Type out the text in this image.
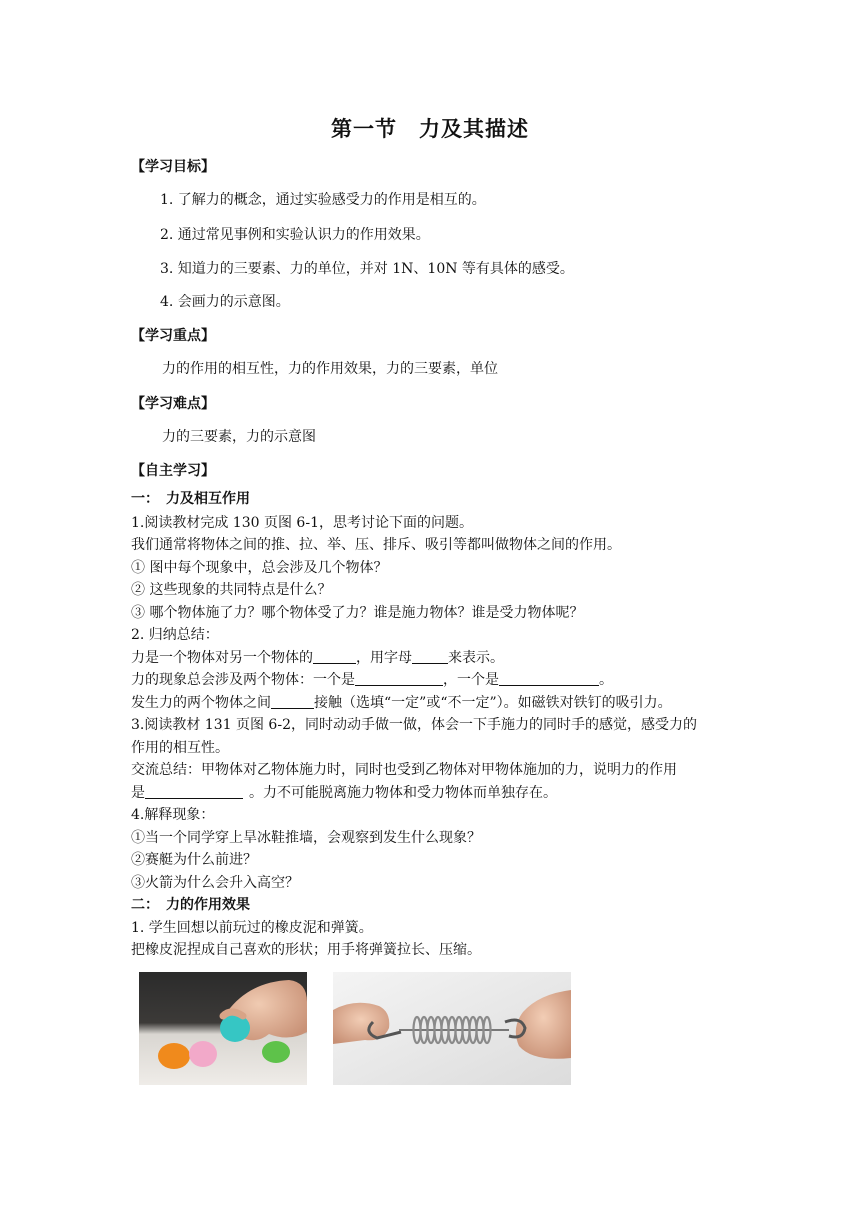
第一节　力及其描述
【学习目标】
1. 了解力的概念，通过实验感受力的作用是相互的。
2. 通过常见事例和实验认识力的作用效果。
3. 知道力的三要素、力的单位，并对 1N、10N 等有具体的感受。
4. 会画力的示意图。
【学习重点】
力的作用的相互性，力的作用效果，力的三要素，单位
【学习难点】
力的三要素，力的示意图
【自主学习】
一：　力及相互作用
1.阅读教材完成 130 页图 6-1，思考讨论下面的问题。
我们通常将物体之间的推、拉、举、压、排斥、吸引等都叫做物体之间的作用。
① 图中每个现象中，总会涉及几个物体？
② 这些现象的共同特点是什么？
③ 哪个物体施了力？哪个物体受了力？谁是施力物体？谁是受力物体呢？
2. 归纳总结：
力是一个物体对另一个物体的	，用字母	来表示。
力的现象总会涉及两个物体：一个是	，一个是	。
发生力的两个物体之间	接触（选填“一定”或“不一定”）。如磁铁对铁钉的吸引力。
3.阅读教材 131 页图 6-2，同时动动手做一做，体会一下手施力的同时手的感觉，感受力的
作用的相互性。
交流总结：甲物体对乙物体施力时，同时也受到乙物体对甲物体施加的力，说明力的作用
是	。力不可能脱离施力物体和受力物体而单独存在。
4.解释现象：
①当一个同学穿上旱冰鞋推墙，会观察到发生什么现象？
②赛艇为什么前进？
③火箭为什么会升入高空？
二：　力的作用效果
1. 学生回想以前玩过的橡皮泥和弹簧。
把橡皮泥捏成自己喜欢的形状；用手将弹簧拉长、压缩。
